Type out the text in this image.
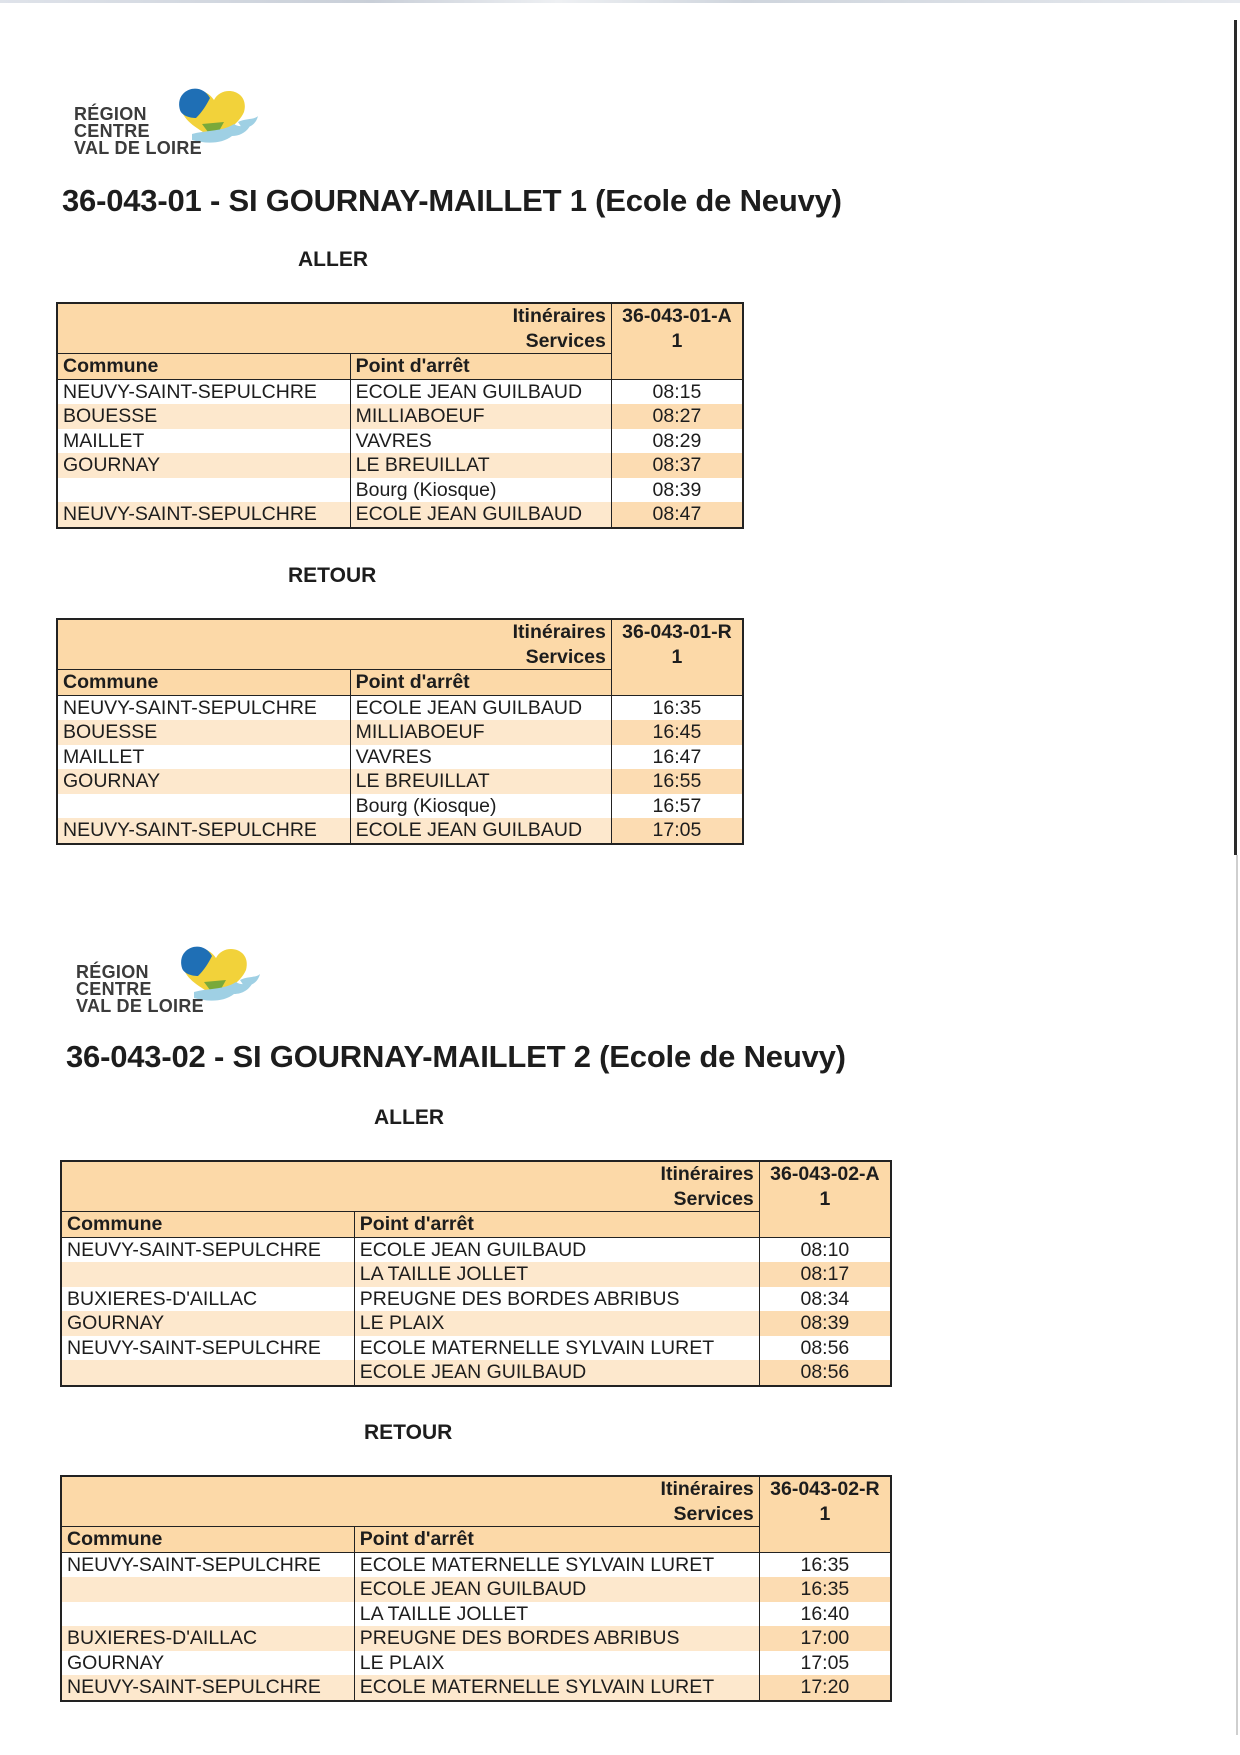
RÉGION
CENTRE
VAL DE LOIRE
36-043-01 - SI GOURNAY-MAILLET 1 (Ecole de Neuvy)
ALLER
Itinéraires		36-043-01-A
Services		1
Commune	Point d'arrêt	
NEUVY-SAINT-SEPULCHRE	ECOLE JEAN GUILBAUD	08:15
BOUESSE	MILLIABOEUF	08:27
MAILLET	VAVRES	08:29
GOURNAY	LE BREUILLAT	08:37
	Bourg (Kiosque)	08:39
NEUVY-SAINT-SEPULCHRE	ECOLE JEAN GUILBAUD	08:47
RETOUR
Itinéraires		36-043-01-R
Services		1
Commune	Point d'arrêt	
NEUVY-SAINT-SEPULCHRE	ECOLE JEAN GUILBAUD	16:35
BOUESSE	MILLIABOEUF	16:45
MAILLET	VAVRES	16:47
GOURNAY	LE BREUILLAT	16:55
	Bourg (Kiosque)	16:57
NEUVY-SAINT-SEPULCHRE	ECOLE JEAN GUILBAUD	17:05
RÉGION
CENTRE
VAL DE LOIRE
36-043-02 - SI GOURNAY-MAILLET 2 (Ecole de Neuvy)
ALLER
Itinéraires		36-043-02-A
Services		1
Commune	Point d'arrêt	
NEUVY-SAINT-SEPULCHRE	ECOLE JEAN GUILBAUD	08:10
	LA TAILLE JOLLET	08:17
BUXIERES-D'AILLAC	PREUGNE DES BORDES ABRIBUS	08:34
GOURNAY	LE PLAIX	08:39
NEUVY-SAINT-SEPULCHRE	ECOLE MATERNELLE SYLVAIN LURET	08:56
	ECOLE JEAN GUILBAUD	08:56
RETOUR
Itinéraires		36-043-02-R
Services		1
Commune	Point d'arrêt	
NEUVY-SAINT-SEPULCHRE	ECOLE MATERNELLE SYLVAIN LURET	16:35
	ECOLE JEAN GUILBAUD	16:35
	LA TAILLE JOLLET	16:40
BUXIERES-D'AILLAC	PREUGNE DES BORDES ABRIBUS	17:00
GOURNAY	LE PLAIX	17:05
NEUVY-SAINT-SEPULCHRE	ECOLE MATERNELLE SYLVAIN LURET	17:20
